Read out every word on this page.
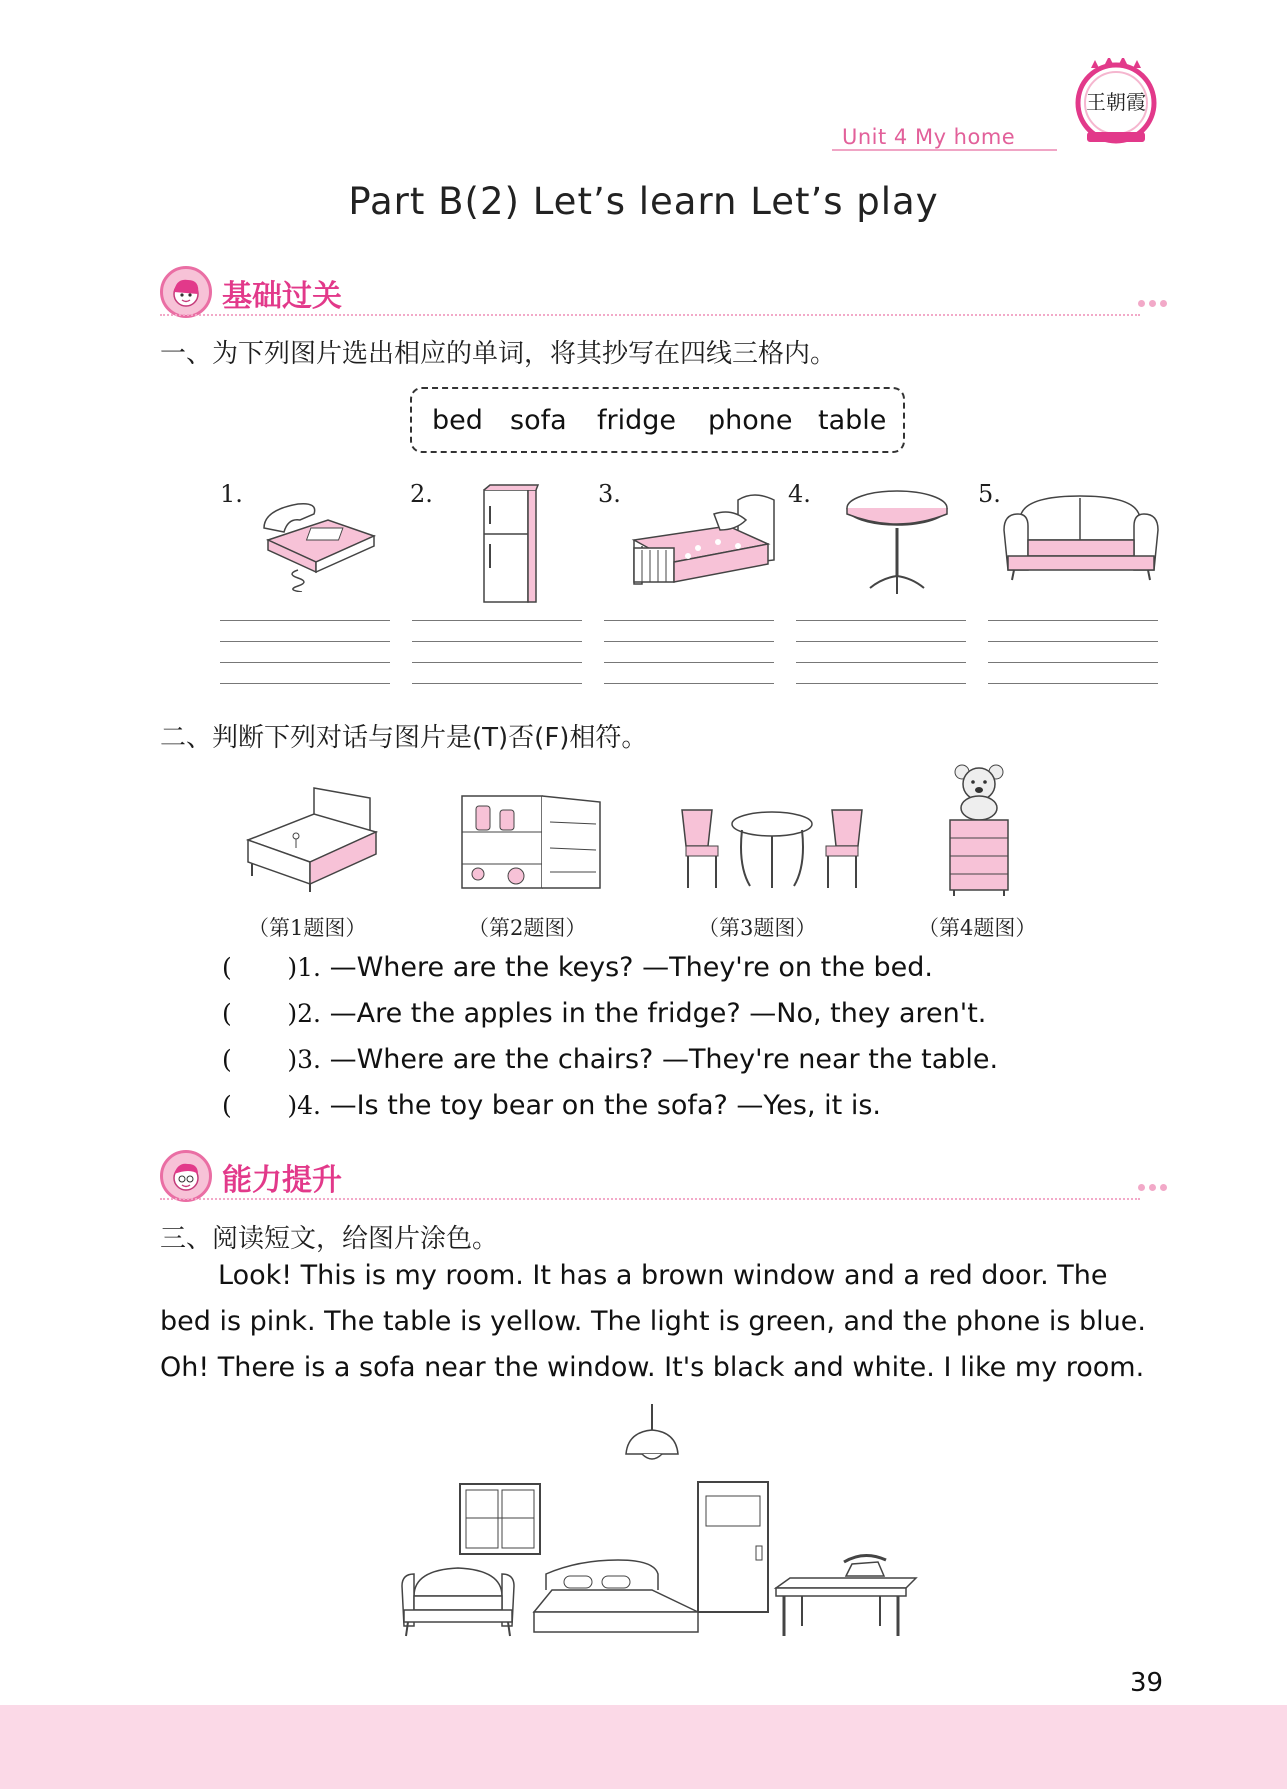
Unit 4 My home
王朝霞
Part B(2) Let’s learn Let’s play
基础过关
一、为下列图片选出相应的单词，将其抄写在四线三格内。
bed sofa fridge phone table
1.	2.	3.	4.	5.
二、判断下列对话与图片是(T)否(F)相符。
（第1题图）	（第2题图）	（第3题图）	（第4题图）
(       )1. —Where are the keys? —They're on the bed.
(       )2. —Are the apples in the fridge? —No, they aren't.
(       )3. —Where are the chairs? —They're near the table.
(       )4. —Is the toy bear on the sofa? —Yes, it is.
能力提升
三、阅读短文，给图片涂色。
Look! This is my room. It has a brown window and a red door. The bed is pink. The table is yellow. The light is green, and the phone is blue. Oh! There is a sofa near the window. It's black and white. I like my room.
39
